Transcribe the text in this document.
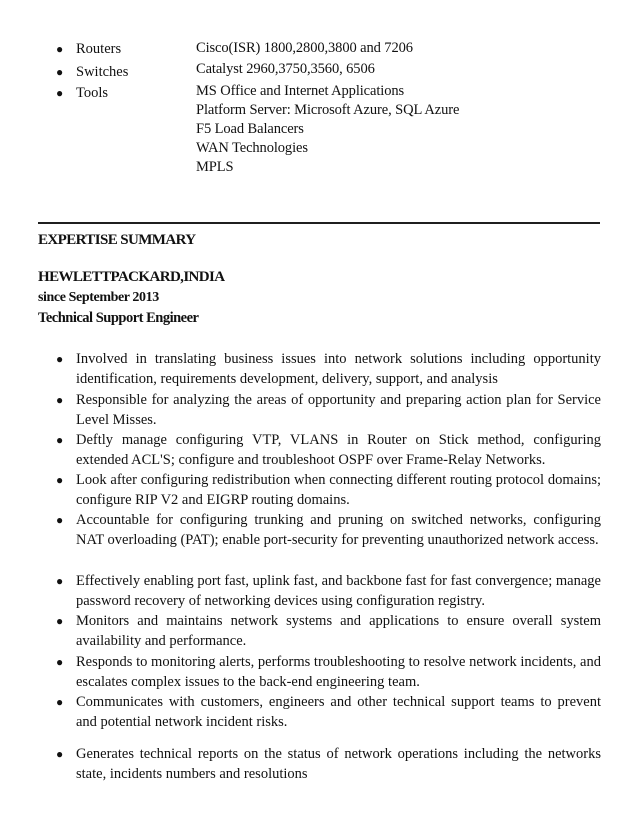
● Routers
● Switches
● Tools
Cisco(ISR) 1800,2800,3800 and 7206
Catalyst 2960,3750,3560, 6506
MS Office and Internet Applications
Platform Server: Microsoft Azure, SQL Azure
F5 Load Balancers
WAN Technologies
MPLS
EXPERTISE SUMMARY
HEWLETTPACKARD,INDIA
since September 2013
Technical Support Engineer
● Involved in translating business issues into network solutions including opportunity identification, requirements development, delivery, support, and analysis
● Responsible for analyzing the areas of opportunity and preparing action plan for Service Level Misses.
● Deftly manage configuring VTP, VLANS in Router on Stick method, configuring extended ACL'S; configure and troubleshoot OSPF over Frame-Relay Networks.
● Look after configuring redistribution when connecting different routing protocol domains; configure RIP V2 and EIGRP routing domains.
● Accountable for configuring trunking and pruning on switched networks, configuring NAT overloading (PAT); enable port-security for preventing unauthorized network access.
● Effectively enabling port fast, uplink fast, and backbone fast for fast convergence; manage password recovery of networking devices using configuration registry.
● Monitors and maintains network systems and applications to ensure overall system availability and performance.
● Responds to monitoring alerts, performs troubleshooting to resolve network incidents, and escalates complex issues to the back-end engineering team.
● Communicates with customers, engineers and other technical support teams to prevent and potential network incident risks.
● Generates technical reports on the status of network operations including the networks state, incidents numbers and resolutions
